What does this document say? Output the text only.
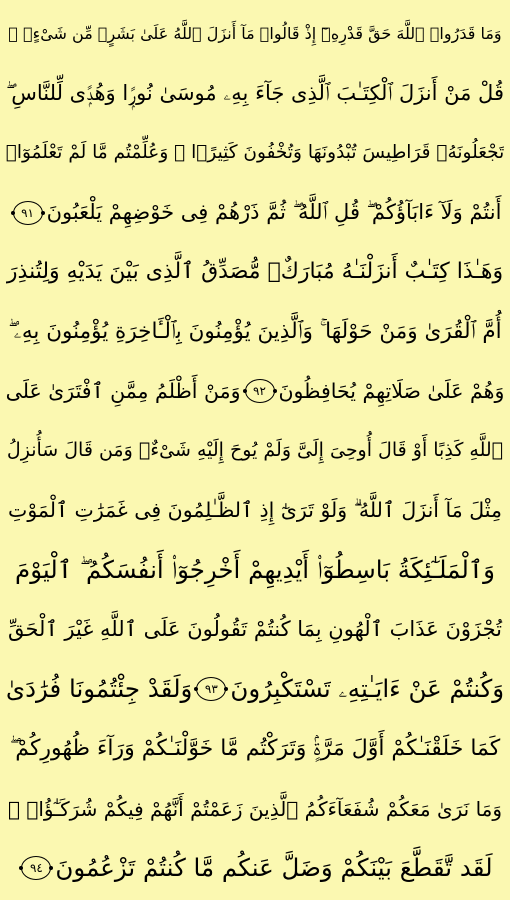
وَمَا قَدَرُوا۟ ٱللَّهَ حَقَّ قَدْرِهِۦٓ إِذْ قَالُوا۟ مَآ أَنزَلَ ٱللَّهُ عَلَىٰ بَشَرٍۢ مِّن شَىْءٍۢ ۗ
قُلْ مَنْ أَنزَلَ ٱلْكِتَـٰبَ ٱلَّذِى جَآءَ بِهِۦ مُوسَىٰ نُورًۭا وَهُدًۭى لِّلنَّاسِ ۖ
تَجْعَلُونَهُۥ قَرَاطِيسَ تُبْدُونَهَا وَتُخْفُونَ كَثِيرًۭا ۖ وَعُلِّمْتُم مَّا لَمْ تَعْلَمُوٓا۟
أَنتُمْ وَلَآ ءَابَآؤُكُمْ ۖ قُلِ ٱللَّهُ ۖ ثُمَّ ذَرْهُمْ فِى خَوْضِهِمْ يَلْعَبُونَ
٩١
وَهَـٰذَا كِتَـٰبٌ أَنزَلْنَـٰهُ مُبَارَكٌۭ مُّصَدِّقُ ٱلَّذِى بَيْنَ يَدَيْهِ وَلِتُنذِرَ
أُمَّ ٱلْقُرَىٰ وَمَنْ حَوْلَهَا ۚ وَٱلَّذِينَ يُؤْمِنُونَ بِٱلْـَٔاخِرَةِ يُؤْمِنُونَ بِهِۦ ۖ
وَهُمْ عَلَىٰ صَلَاتِهِمْ يُحَافِظُونَ
٩٢
وَمَنْ أَظْلَمُ مِمَّنِ ٱفْتَرَىٰ عَلَى
ٱللَّهِ كَذِبًا أَوْ قَالَ أُوحِىَ إِلَىَّ وَلَمْ يُوحَ إِلَيْهِ شَىْءٌۭ وَمَن قَالَ سَأُنزِلُ
مِثْلَ مَآ أَنزَلَ ٱللَّهُ ۗ وَلَوْ تَرَىٰٓ إِذِ ٱلظَّـٰلِمُونَ فِى غَمَرَٰتِ ٱلْمَوْتِ
وَٱلْمَلَـٰٓئِكَةُ بَاسِطُوٓا۟ أَيْدِيهِمْ أَخْرِجُوٓا۟ أَنفُسَكُمُ ۖ ٱلْيَوْمَ
تُجْزَوْنَ عَذَابَ ٱلْهُونِ بِمَا كُنتُمْ تَقُولُونَ عَلَى ٱللَّهِ غَيْرَ ٱلْحَقِّ
وَكُنتُمْ عَنْ ءَايَـٰتِهِۦ تَسْتَكْبِرُونَ
٩٣
وَلَقَدْ جِئْتُمُونَا فُرَٰدَىٰ
كَمَا خَلَقْنَـٰكُمْ أَوَّلَ مَرَّةٍۢ وَتَرَكْتُم مَّا خَوَّلْنَـٰكُمْ وَرَآءَ ظُهُورِكُمْ ۖ
وَمَا نَرَىٰ مَعَكُمْ شُفَعَآءَكُمُ ٱلَّذِينَ زَعَمْتُمْ أَنَّهُمْ فِيكُمْ شُرَكَـٰٓؤُا۟ ۚ
لَقَد تَّقَطَّعَ بَيْنَكُمْ وَضَلَّ عَنكُم مَّا كُنتُمْ تَزْعُمُونَ
٩٤
